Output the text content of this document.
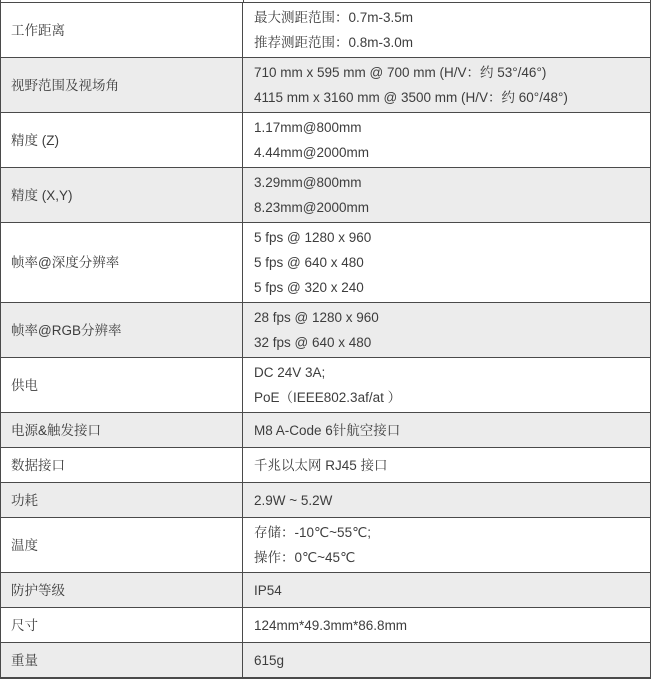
工作距离	最大测距范围：0.7m-3.5m
推荐测距范围：0.8m-3.0m

视野范围及视场角	710 mm x 595 mm @ 700 mm (H/V：约 53°/46°)
4115 mm x 3160 mm @ 3500 mm (H/V：约 60°/48°)

精度 (Z)	1.17mm@800mm
4.44mm@2000mm

精度 (X,Y)	3.29mm@800mm
8.23mm@2000mm

帧率@深度分辨率	5 fps @ 1280 x 960
5 fps @ 640 x 480
5 fps @ 320 x 240

帧率@RGB分辨率	28 fps @ 1280 x 960
32 fps @ 640 x 480

供电	DC 24V 3A;
PoE（IEEE802.3af/at ）

电源&触发接口	M8 A-Code 6针航空接口

数据接口	千兆以太网 RJ45 接口

功耗	2.9W ~ 5.2W

温度	存储：-10℃~55℃;
操作：0℃~45℃

防护等级	IP54

尺寸	124mm*49.3mm*86.8mm

重量	615g
